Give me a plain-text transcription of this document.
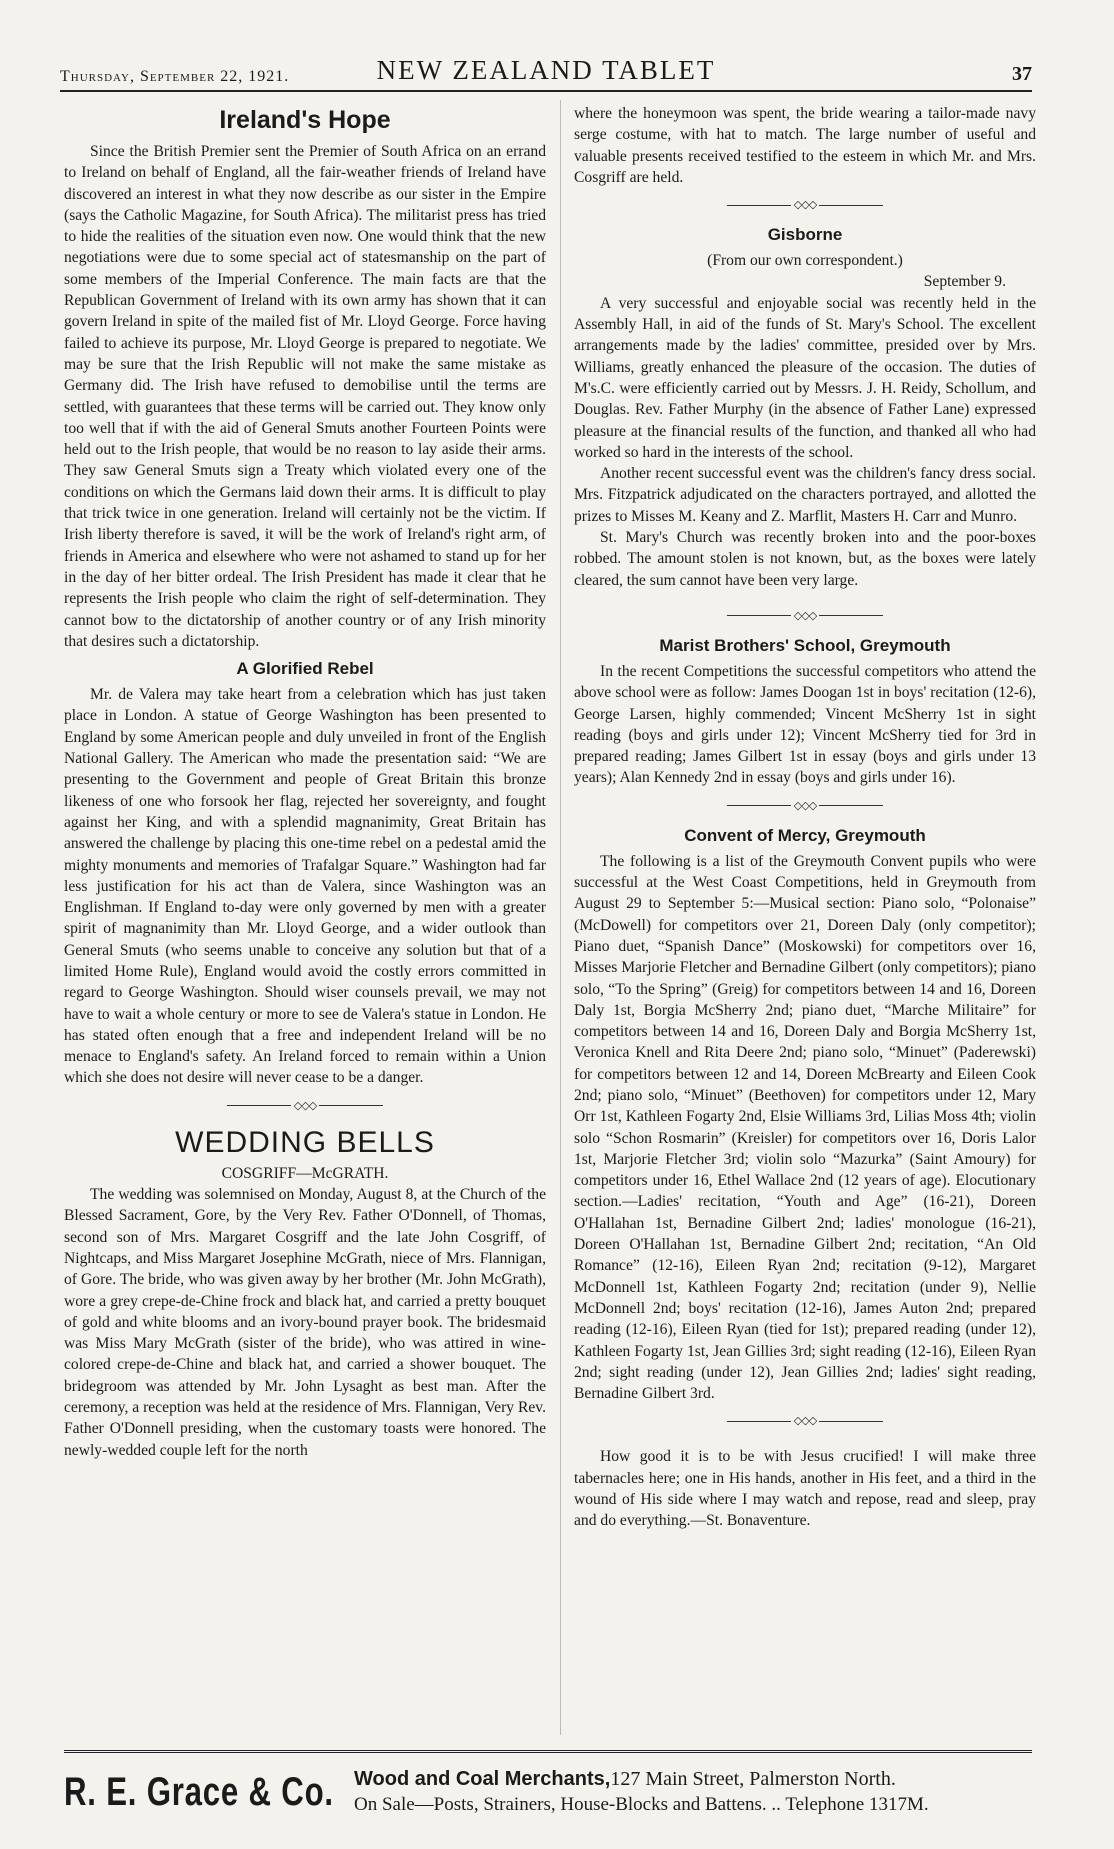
Thursday, September 22, 1921.	NEW ZEALAND TABLET	37
Ireland's Hope

Since the British Premier sent the Premier of South Africa on an errand to Ireland on behalf of England, all the fair-weather friends of Ireland have discovered an interest in what they now describe as our sister in the Empire (says the Catholic Magazine, for South Africa). The militarist press has tried to hide the realities of the situation even now. One would think that the new negotiations were due to some special act of statesmanship on the part of some members of the Imperial Conference. The main facts are that the Republican Government of Ireland with its own army has shown that it can govern Ireland in spite of the mailed fist of Mr. Lloyd George. Force having failed to achieve its purpose, Mr. Lloyd George is prepared to negotiate. We may be sure that the Irish Republic will not make the same mistake as Germany did. The Irish have refused to demobilise until the terms are settled, with guarantees that these terms will be carried out. They know only too well that if with the aid of General Smuts another Fourteen Points were held out to the Irish people, that would be no reason to lay aside their arms. They saw General Smuts sign a Treaty which violated every one of the conditions on which the Germans laid down their arms. It is difficult to play that trick twice in one generation. Ireland will certainly not be the victim. If Irish liberty therefore is saved, it will be the work of Ireland's right arm, of friends in America and elsewhere who were not ashamed to stand up for her in the day of her bitter ordeal. The Irish President has made it clear that he represents the Irish people who claim the right of self-determination. They cannot bow to the dictatorship of another country or of any Irish minority that desires such a dictatorship.

A Glorified Rebel

Mr. de Valera may take heart from a celebration which has just taken place in London. A statue of George Washington has been presented to England by some American people and duly unveiled in front of the English National Gallery. The American who made the presentation said: “We are presenting to the Government and people of Great Britain this bronze likeness of one who forsook her flag, rejected her sovereignty, and fought against her King, and with a splendid magnanimity, Great Britain has answered the challenge by placing this one-time rebel on a pedestal amid the mighty monuments and memories of Trafalgar Square.” Washington had far less justification for his act than de Valera, since Washington was an Englishman. If England to-day were only governed by men with a greater spirit of magnanimity than Mr. Lloyd George, and a wider outlook than General Smuts (who seems unable to conceive any solution but that of a limited Home Rule), England would avoid the costly errors committed in regard to George Washington. Should wiser counsels prevail, we may not have to wait a whole century or more to see de Valera's statue in London. He has stated often enough that a free and independent Ireland will be no menace to England's safety. An Ireland forced to remain within a Union which she does not desire will never cease to be a danger.

◇◇◇
WEDDING BELLS

COSGRIFF—McGRATH.

The wedding was solemnised on Monday, August 8, at the Church of the Blessed Sacrament, Gore, by the Very Rev. Father O'Donnell, of Thomas, second son of Mrs. Margaret Cosgriff and the late John Cosgriff, of Nightcaps, and Miss Margaret Josephine McGrath, niece of Mrs. Flannigan, of Gore. The bride, who was given away by her brother (Mr. John McGrath), wore a grey crepe-de-Chine frock and black hat, and carried a pretty bouquet of gold and white blooms and an ivory-bound prayer book. The bridesmaid was Miss Mary McGrath (sister of the bride), who was attired in wine-colored crepe-de-Chine and black hat, and carried a shower bouquet. The bridegroom was attended by Mr. John Lysaght as best man. After the ceremony, a reception was held at the residence of Mrs. Flannigan, Very Rev. Father O'Donnell presiding, when the customary toasts were honored. The newly-wedded couple left for the north

where the honeymoon was spent, the bride wearing a tailor-made navy serge costume, with hat to match. The large number of useful and valuable presents received testified to the esteem in which Mr. and Mrs. Cosgriff are held.

◇◇◇
Gisborne

(From our own correspondent.)

September 9.

A very successful and enjoyable social was recently held in the Assembly Hall, in aid of the funds of St. Mary's School. The excellent arrangements made by the ladies' committee, presided over by Mrs. Williams, greatly enhanced the pleasure of the occasion. The duties of M's.C. were efficiently carried out by Messrs. J. H. Reidy, Schollum, and Douglas. Rev. Father Murphy (in the absence of Father Lane) expressed pleasure at the financial results of the function, and thanked all who had worked so hard in the interests of the school.

Another recent successful event was the children's fancy dress social. Mrs. Fitzpatrick adjudicated on the characters portrayed, and allotted the prizes to Misses M. Keany and Z. Marflit, Masters H. Carr and Munro.

St. Mary's Church was recently broken into and the poor-boxes robbed. The amount stolen is not known, but, as the boxes were lately cleared, the sum cannot have been very large.

◇◇◇
Marist Brothers' School, Greymouth

In the recent Competitions the successful competitors who attend the above school were as follow: James Doogan 1st in boys' recitation (12-6), George Larsen, highly commended; Vincent McSherry 1st in sight reading (boys and girls under 12); Vincent McSherry tied for 3rd in prepared reading; James Gilbert 1st in essay (boys and girls under 13 years); Alan Kennedy 2nd in essay (boys and girls under 16).

◇◇◇
Convent of Mercy, Greymouth

The following is a list of the Greymouth Convent pupils who were successful at the West Coast Competitions, held in Greymouth from August 29 to September 5:—Musical section: Piano solo, “Polonaise” (McDowell) for competitors over 21, Doreen Daly (only competitor); Piano duet, “Spanish Dance” (Moskowski) for competitors over 16, Misses Marjorie Fletcher and Bernadine Gilbert (only competitors); piano solo, “To the Spring” (Greig) for competitors between 14 and 16, Doreen Daly 1st, Borgia McSherry 2nd; piano duet, “Marche Militaire” for competitors between 14 and 16, Doreen Daly and Borgia McSherry 1st, Veronica Knell and Rita Deere 2nd; piano solo, “Minuet” (Paderewski) for competitors between 12 and 14, Doreen McBrearty and Eileen Cook 2nd; piano solo, “Minuet” (Beethoven) for competitors under 12, Mary Orr 1st, Kathleen Fogarty 2nd, Elsie Williams 3rd, Lilias Moss 4th; violin solo “Schon Rosmarin” (Kreisler) for competitors over 16, Doris Lalor 1st, Marjorie Fletcher 3rd; violin solo “Mazurka” (Saint Amoury) for competitors under 16, Ethel Wallace 2nd (12 years of age). Elocutionary section.—Ladies' recitation, “Youth and Age” (16-21), Doreen O'Hallahan 1st, Bernadine Gilbert 2nd; ladies' monologue (16-21), Doreen O'Hallahan 1st, Bernadine Gilbert 2nd; recitation, “An Old Romance” (12-16), Eileen Ryan 2nd; recitation (9-12), Margaret McDonnell 1st, Kathleen Fogarty 2nd; recitation (under 9), Nellie McDonnell 2nd; boys' recitation (12-16), James Auton 2nd; prepared reading (12-16), Eileen Ryan (tied for 1st); prepared reading (under 12), Kathleen Fogarty 1st, Jean Gillies 3rd; sight reading (12-16), Eileen Ryan 2nd; sight reading (under 12), Jean Gillies 2nd; ladies' sight reading, Bernadine Gilbert 3rd.

◇◇◇

How good it is to be with Jesus crucified! I will make three tabernacles here; one in His hands, another in His feet, and a third in the wound of His side where I may watch and repose, read and sleep, pray and do everything.—St. Bonaventure.

R. E. Grace & Co. Wood and Coal Merchants,127 Main Street, Palmerston North.
On Sale—Posts, Strainers, House-Blocks and Battens. .. Telephone 1317M.
